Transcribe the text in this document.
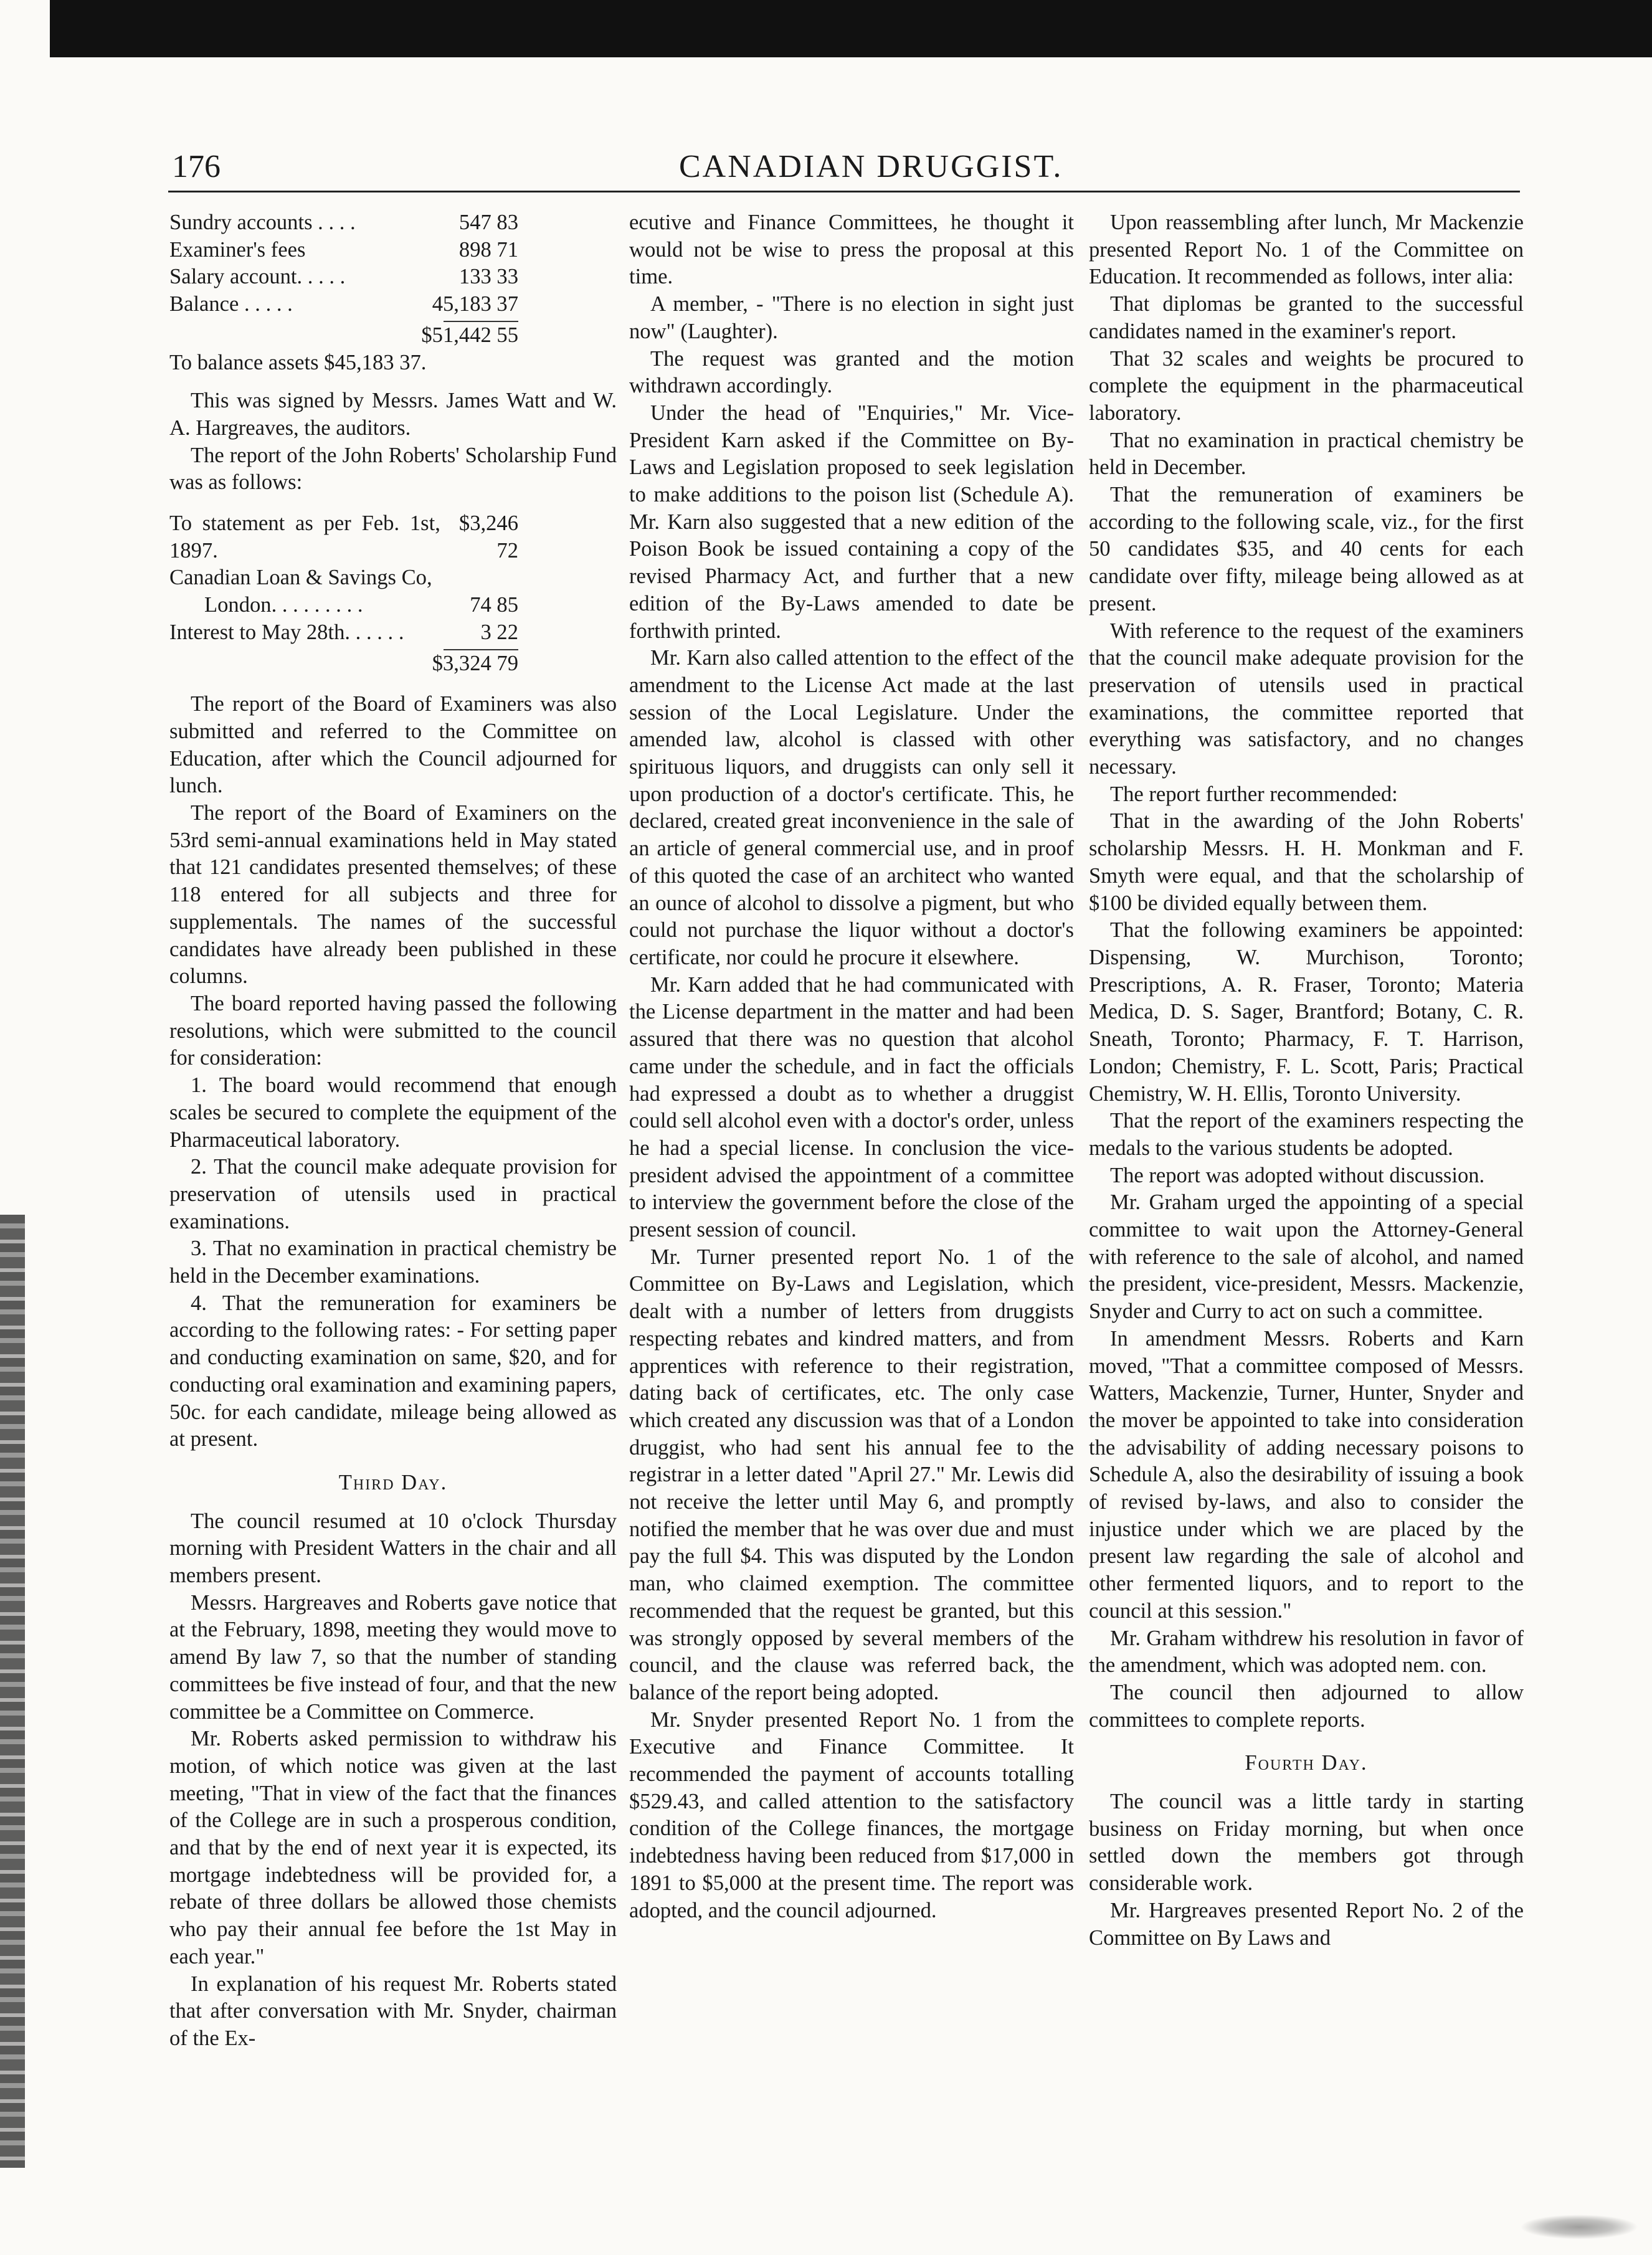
176	CANADIAN DRUGGIST.
Sundry accounts . . . .	547 83
Examiner's fees	898 71
Salary account. . . . .	133 33
Balance . . . . .	45,183 37
$51,442 55

To balance assets $45,183 37.

This was signed by Messrs. James Watt and W. A. Hargreaves, the auditors.

The report of the John Roberts' Scholarship Fund was as follows:

To statement as per Feb. 1st, 1897.
$3,246 72
Canadian Loan & Savings Co,
London. . . . . . . . .	74 85
Interest to May 28th. . . . . .	3 22
$3,324 79

The report of the Board of Examiners was also submitted and referred to the Committee on Education, after which the Council adjourned for lunch.

The report of the Board of Examiners on the 53rd semi-annual examinations held in May stated that 121 candidates presented themselves; of these 118 entered for all subjects and three for supplementals. The names of the successful candidates have already been published in these columns.

The board reported having passed the following resolutions, which were submitted to the council for consideration:

1. The board would recommend that enough scales be secured to complete the equipment of the Pharmaceutical laboratory.

2. That the council make adequate provision for preservation of utensils used in practical examinations.

3. That no examination in practical chemistry be held in the December examinations.

4. That the remuneration for examiners be according to the following rates: - For setting paper and conducting examination on same, $20, and for conducting oral examination and examining papers, 50c. for each candidate, mileage being allowed as at present.

Third Day.

The council resumed at 10 o'clock Thursday morning with President Watters in the chair and all members present.

Messrs. Hargreaves and Roberts gave notice that at the February, 1898, meeting they would move to amend By law 7, so that the number of standing committees be five instead of four, and that the new committee be a Committee on Commerce.

Mr. Roberts asked permission to withdraw his motion, of which notice was given at the last meeting, "That in view of the fact that the finances of the College are in such a prosperous condition, and that by the end of next year it is expected, its mortgage indebtedness will be provided for, a rebate of three dollars be allowed those chemists who pay their annual fee before the 1st May in each year."

In explanation of his request Mr. Roberts stated that after conversation with Mr. Snyder, chairman of the Ex-

ecutive and Finance Committees, he thought it would not be wise to press the proposal at this time.

A member, - "There is no election in sight just now" (Laughter).

The request was granted and the motion withdrawn accordingly.

Under the head of "Enquiries," Mr. Vice-President Karn asked if the Committee on By-Laws and Legislation proposed to seek legislation to make additions to the poison list (Schedule A). Mr. Karn also suggested that a new edition of the Poison Book be issued containing a copy of the revised Pharmacy Act, and further that a new edition of the By-Laws amended to date be forthwith printed.

Mr. Karn also called attention to the effect of the amendment to the License Act made at the last session of the Local Legislature. Under the amended law, alcohol is classed with other spirituous liquors, and druggists can only sell it upon production of a doctor's certificate. This, he declared, created great inconvenience in the sale of an article of general commercial use, and in proof of this quoted the case of an architect who wanted an ounce of alcohol to dissolve a pigment, but who could not purchase the liquor without a doctor's certificate, nor could he procure it elsewhere.

Mr. Karn added that he had communicated with the License department in the matter and had been assured that there was no question that alcohol came under the schedule, and in fact the officials had expressed a doubt as to whether a druggist could sell alcohol even with a doctor's order, unless he had a special license. In conclusion the vice-president advised the appointment of a committee to interview the government before the close of the present session of council.

Mr. Turner presented report No. 1 of the Committee on By-Laws and Legislation, which dealt with a number of letters from druggists respecting rebates and kindred matters, and from apprentices with reference to their registration, dating back of certificates, etc. The only case which created any discussion was that of a London druggist, who had sent his annual fee to the registrar in a letter dated "April 27." Mr. Lewis did not receive the letter until May 6, and promptly notified the member that he was over due and must pay the full $4. This was disputed by the London man, who claimed exemption. The committee recommended that the request be granted, but this was strongly opposed by several members of the council, and the clause was referred back, the balance of the report being adopted.

Mr. Snyder presented Report No. 1 from the Executive and Finance Committee. It recommended the payment of accounts totalling $529.43, and called attention to the satisfactory condition of the College finances, the mortgage indebtedness having been reduced from $17,000 in 1891 to $5,000 at the present time. The report was adopted, and the council adjourned.

Upon reassembling after lunch, Mr Mackenzie presented Report No. 1 of the Committee on Education. It recommended as follows, inter alia:

That diplomas be granted to the successful candidates named in the examiner's report.

That 32 scales and weights be procured to complete the equipment in the pharmaceutical laboratory.

That no examination in practical chemistry be held in December.

That the remuneration of examiners be according to the following scale, viz., for the first 50 candidates $35, and 40 cents for each candidate over fifty, mileage being allowed as at present.

With reference to the request of the examiners that the council make adequate provision for the preservation of utensils used in practical examinations, the committee reported that everything was satisfactory, and no changes necessary.

The report further recommended:

That in the awarding of the John Roberts' scholarship Messrs. H. H. Monkman and F. Smyth were equal, and that the scholarship of $100 be divided equally between them.

That the following examiners be appointed: Dispensing, W. Murchison, Toronto; Prescriptions, A. R. Fraser, Toronto; Materia Medica, D. S. Sager, Brantford; Botany, C. R. Sneath, Toronto; Pharmacy, F. T. Harrison, London; Chemistry, F. L. Scott, Paris; Practical Chemistry, W. H. Ellis, Toronto University.

That the report of the examiners respecting the medals to the various students be adopted.

The report was adopted without discussion.

Mr. Graham urged the appointing of a special committee to wait upon the Attorney-General with reference to the sale of alcohol, and named the president, vice-president, Messrs. Mackenzie, Snyder and Curry to act on such a committee.

In amendment Messrs. Roberts and Karn moved, "That a committee composed of Messrs. Watters, Mackenzie, Turner, Hunter, Snyder and the mover be appointed to take into consideration the advisability of adding necessary poisons to Schedule A, also the desirability of issuing a book of revised by-laws, and also to consider the injustice under which we are placed by the present law regarding the sale of alcohol and other fermented liquors, and to report to the council at this session."

Mr. Graham withdrew his resolution in favor of the amendment, which was adopted nem. con.

The council then adjourned to allow committees to complete reports.

Fourth Day.

The council was a little tardy in starting business on Friday morning, but when once settled down the members got through considerable work.

Mr. Hargreaves presented Report No. 2 of the Committee on By Laws and
